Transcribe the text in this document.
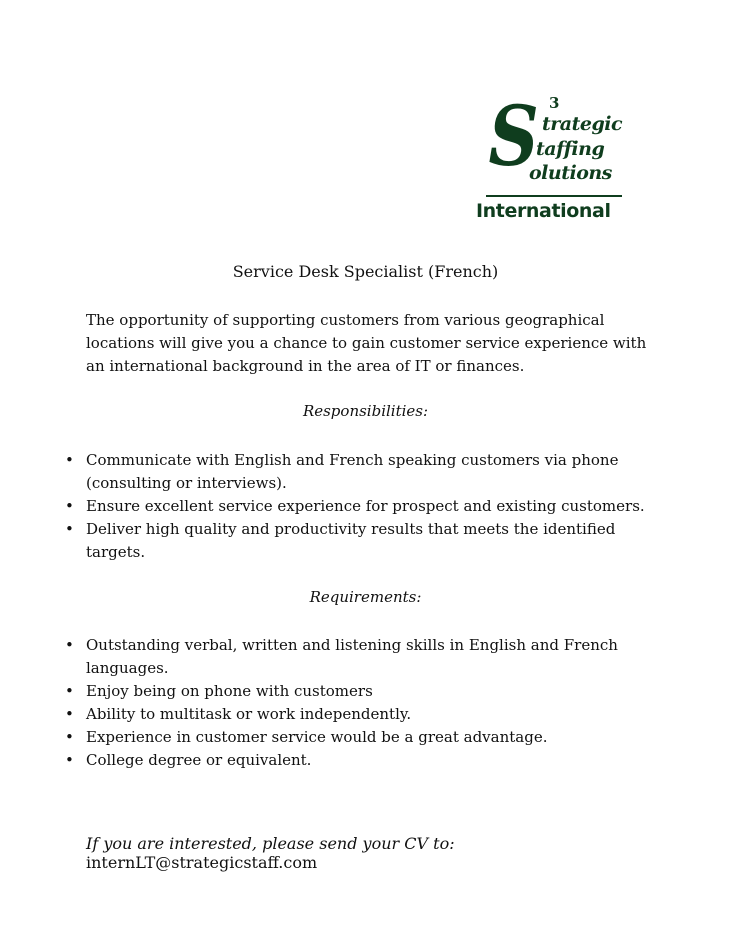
S 3
trategic
taffing
olutions
International
Service Desk Specialist (French)

The opportunity of supporting customers from various geographical locations will give you a chance to gain customer service experience with an international background in the area of IT or finances.

Responsibilities:
• Communicate with English and French speaking customers via phone (consulting or interviews).
• Ensure excellent service experience for prospect and existing customers.
• Deliver high quality and productivity results that meets the identified targets.
Requirements:
• Outstanding verbal, written and listening skills in English and French languages.
• Enjoy being on phone with customers
• Ability to multitask or work independently.
• Experience in customer service would be a great advantage.
• College degree or equivalent.

If you are interested, please send your CV to: internLT@strategicstaff.com
